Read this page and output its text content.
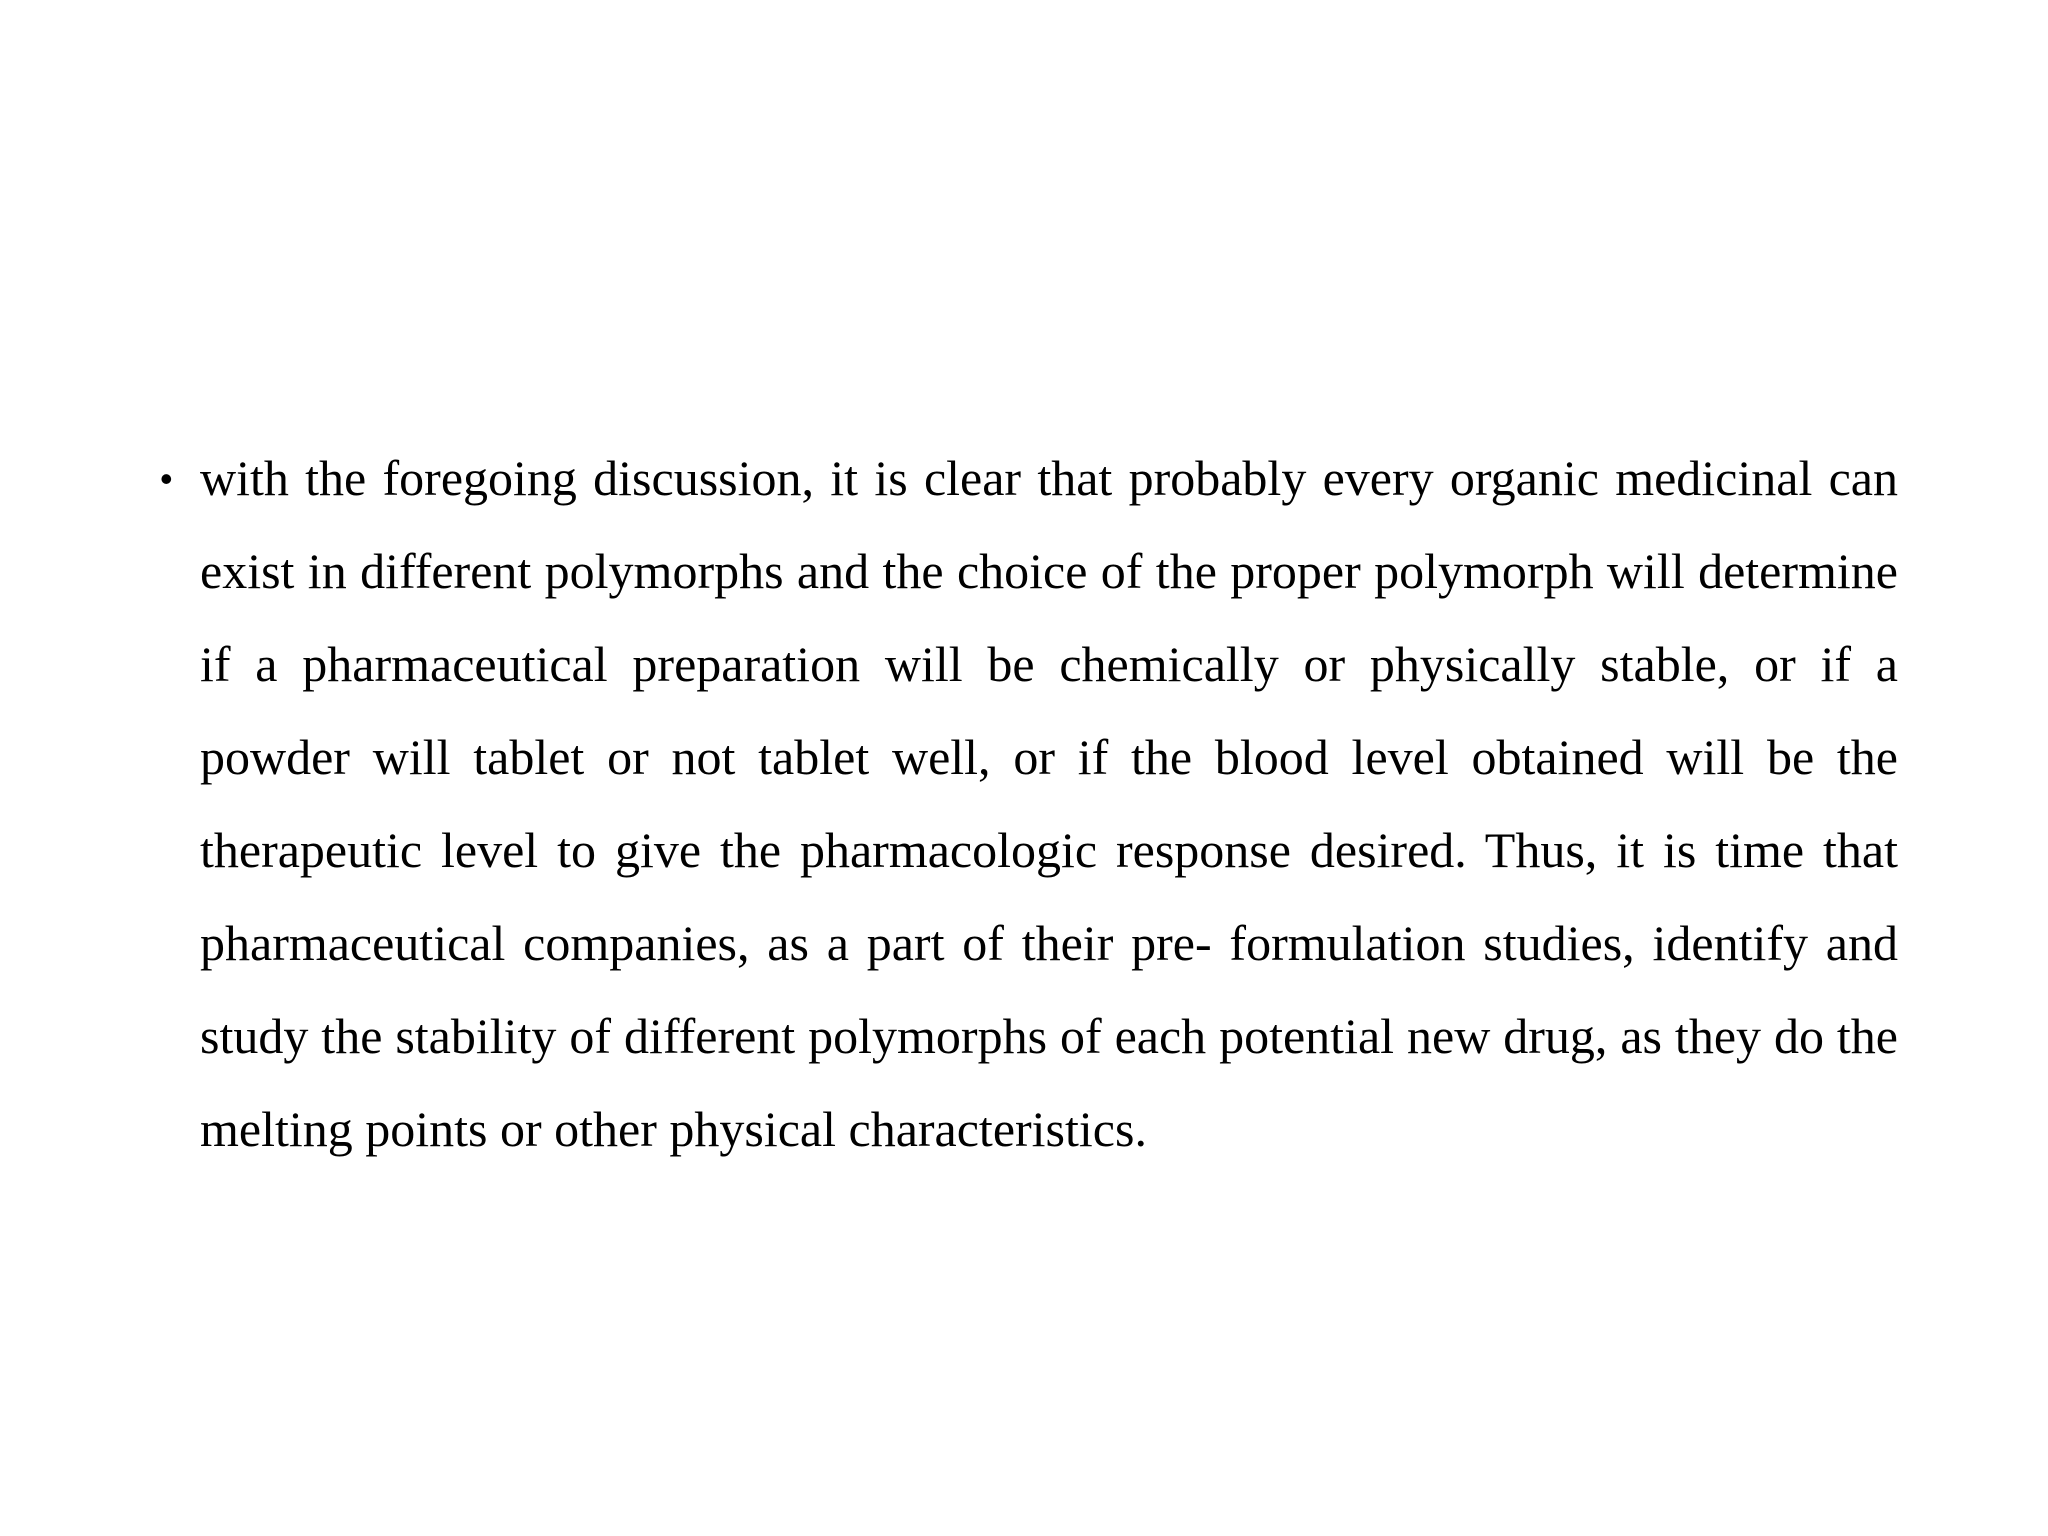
• with the foregoing discussion, it is clear that probably every organic medicinal can exist in different polymorphs and the choice of the proper polymorph will determine if a pharmaceutical preparation will be chemically or physically stable, or if a powder will tablet or not tablet well, or if the blood level obtained will be the therapeutic level to give the pharmacologic response desired. Thus, it is time that pharmaceutical companies, as a part of their pre- formulation studies, identify and study the stability of different polymorphs of each potential new drug, as they do the melting points or other physical characteristics.
